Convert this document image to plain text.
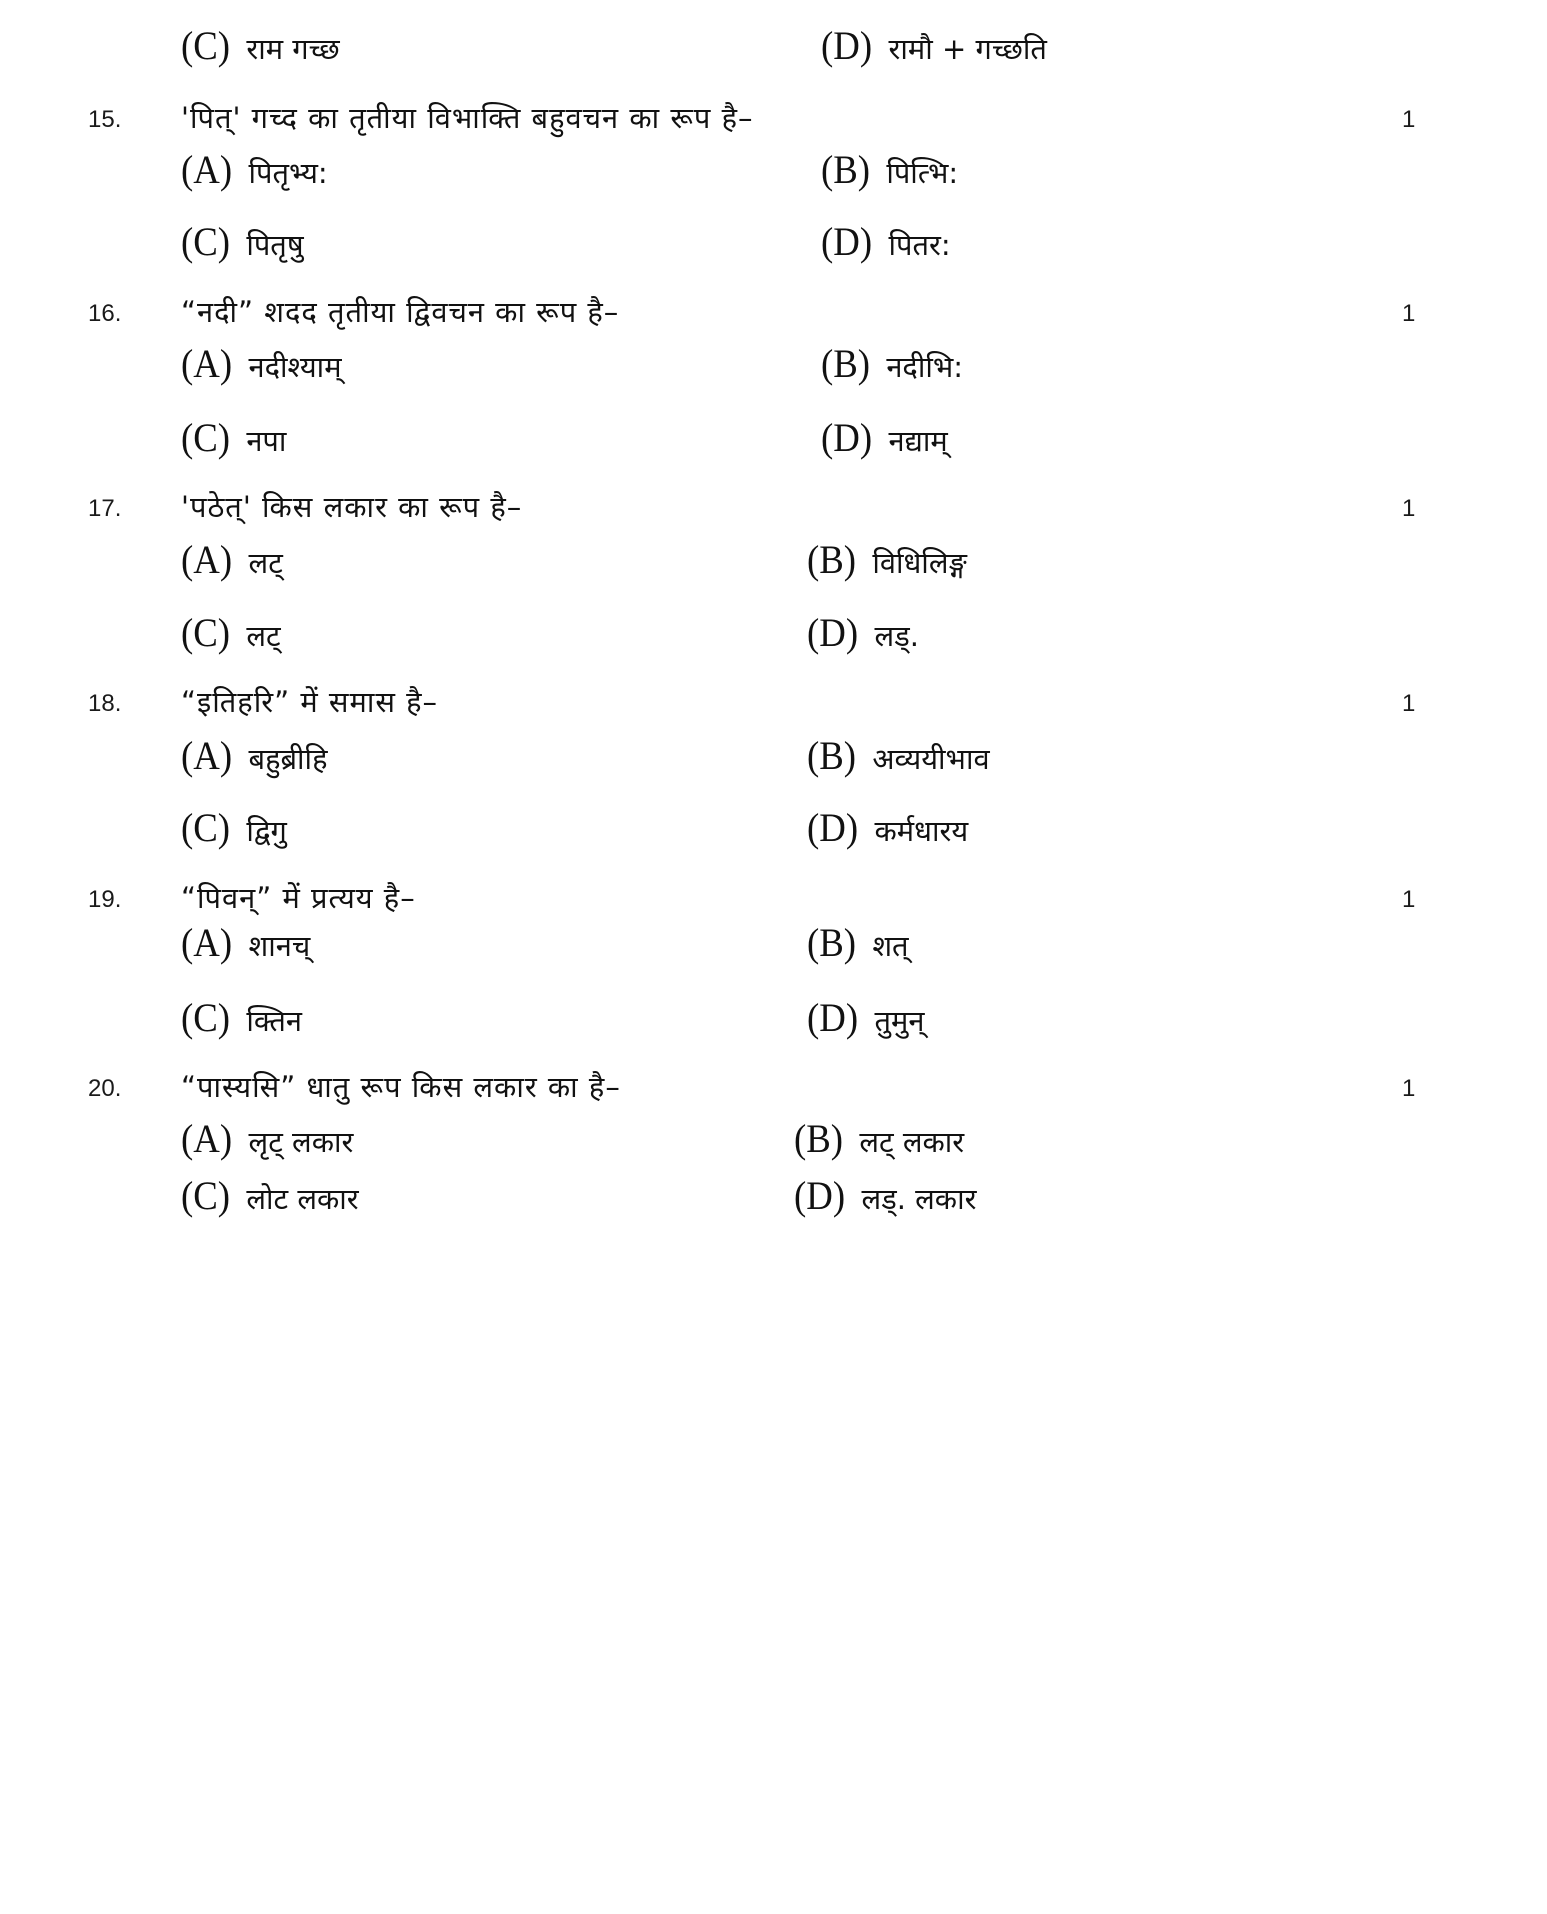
(C) राम गच्छ	(D) रामौ + गच्छति
15. 'पित्' गच्द का तृतीया विभाक्ति बहुवचन का रूप है–	1
(A) पितृभ्य:	(B) पित्भि:
(C) पितृषु	(D) पितर:
16. “नदी” शदद तृतीया द्विवचन का रूप है–	1
(A) नदीश्याम्	(B) नदीभि:
(C) नपा	(D) नद्याम्
17. 'पठेत्' किस लकार का रूप है–	1
(A) लट्	(B) विधिलिङ्ग
(C) लट्	(D) लड्.
18. “इतिहरि” में समास है–	1
(A) बहुब्रीहि	(B) अव्ययीभाव
(C) द्विगु	(D) कर्मधारय
19. “पिवन्” में प्रत्यय है–	1
(A) शानच्	(B) शत्
(C) क्तिन	(D) तुमुन्
20. “पास्यसि” धातु रूप किस लकार का है–	1
(A) लृट् लकार	(B) लट् लकार
(C) लोट लकार	(D) लड्. लकार
